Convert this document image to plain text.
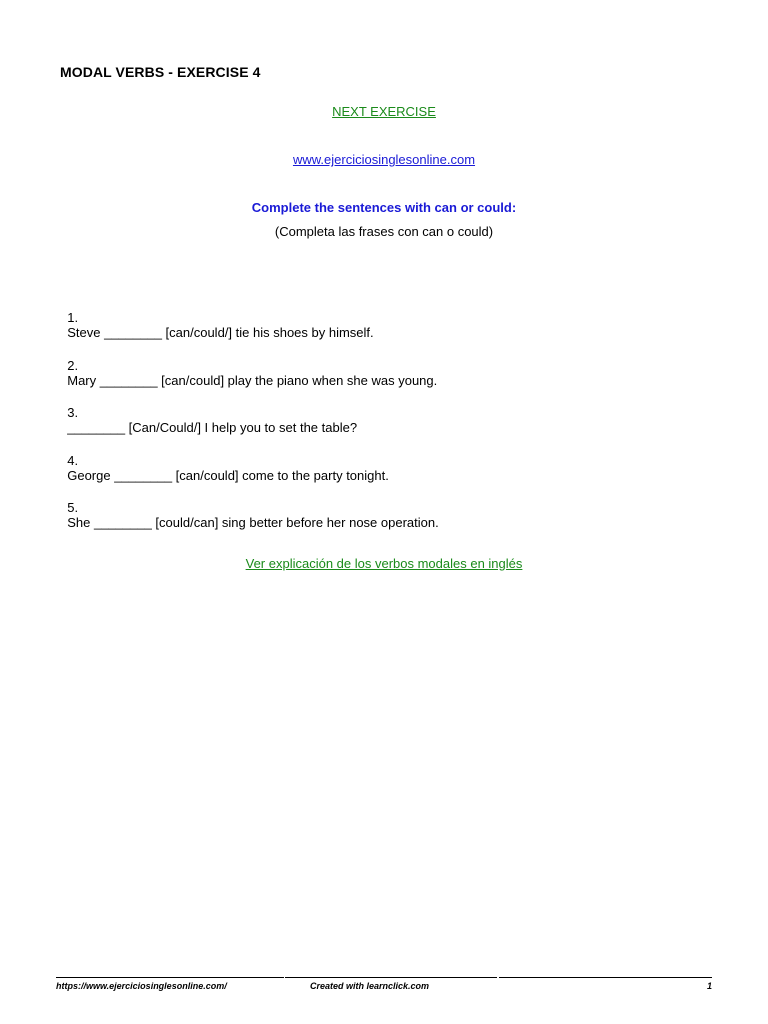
MODAL VERBS - EXERCISE 4
NEXT EXERCISE
www.ejerciciosinglesonline.com
Complete the sentences with can or could:
(Completa las frases con can o could)

1.
Steve ________ [can/could/] tie his shoes by himself.

2.
Mary ________ [can/could] play the piano when she was young.

3.
________ [Can/Could/] I help you to set the table?

4.
George ________ [can/could] come to the party tonight.

5.
She ________ [could/can] sing better before her nose operation.

Ver explicación de los verbos modales en inglés
https://www.ejerciciosinglesonline.com/	Created with learnclick.com	1
